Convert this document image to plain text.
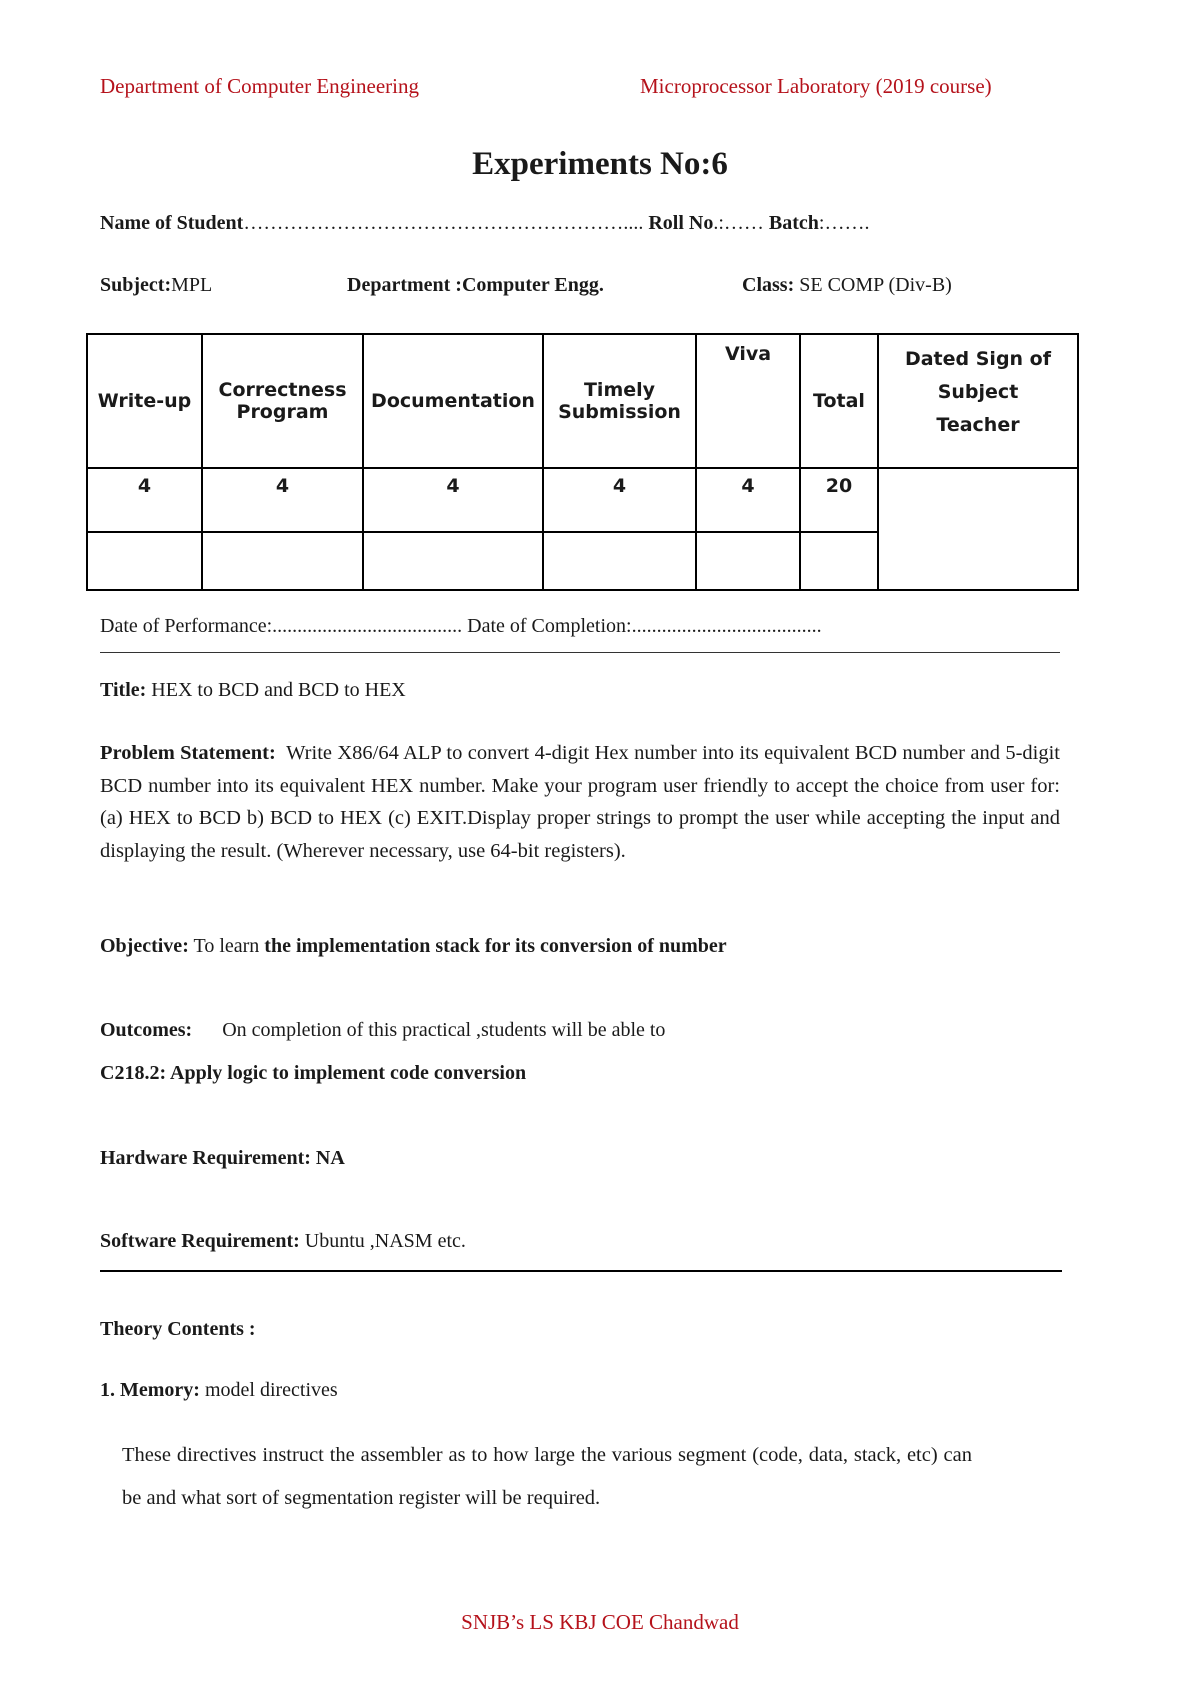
Department of Computer Engineering	Microprocessor Laboratory (2019 course)
Experiments No:6
Name of Student………………………………………………….... Roll No.:…… Batch:…….
Subject:MPL	Department :Computer Engg.	Class: SE COMP (Div-B)
Write-up	Correctness Program	Documentation	Timely Submission	Viva	Total	Dated Sign of Subject Teacher
4	4	4	4	4	20	

Date of Performance:...................................... Date of Completion:......................................
Title: HEX to BCD and BCD to HEX
Problem Statement: Write X86/64 ALP to convert 4-digit Hex number into its equivalent BCD number and 5-digit BCD number into its equivalent HEX number. Make your program user friendly to accept the choice from user for: (a) HEX to BCD b) BCD to HEX (c) EXIT.Display proper strings to prompt the user while accepting the input and displaying the result. (Wherever necessary, use 64-bit registers).
Objective: To learn the implementation stack for its conversion of number
Outcomes: On completion of this practical ,students will be able to
C218.2: Apply logic to implement code conversion
Hardware Requirement: NA
Software Requirement: Ubuntu ,NASM etc.
Theory Contents :
1. Memory: model directives
These directives instruct the assembler as to how large the various segment (code, data, stack, etc) can be and what sort of segmentation register will be required.
SNJB’s LS KBJ COE Chandwad
